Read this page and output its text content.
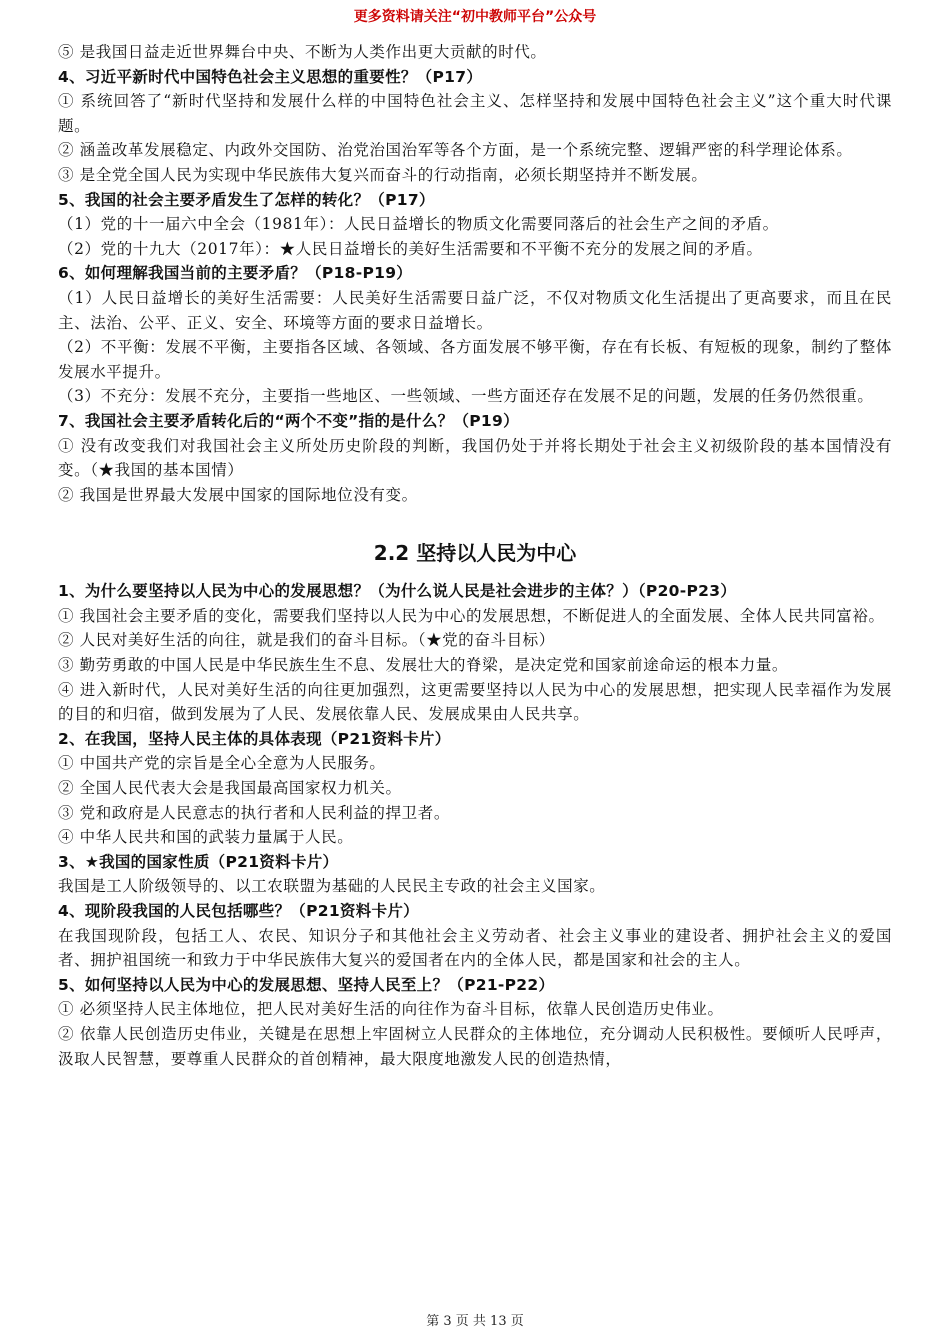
更多资料请关注“初中教师平台”公众号
⑤ 是我国日益走近世界舞台中央、不断为人类作出更大贡献的时代。
4、习近平新时代中国特色社会主义思想的重要性？（P17）
① 系统回答了“新时代坚持和发展什么样的中国特色社会主义、怎样坚持和发展中国特色社会主义”这个重大时代课题。
② 涵盖改革发展稳定、内政外交国防、治党治国治军等各个方面，是一个系统完整、逻辑严密的科学理论体系。
③ 是全党全国人民为实现中华民族伟大复兴而奋斗的行动指南，必须长期坚持并不断发展。
5、我国的社会主要矛盾发生了怎样的转化？（P17）
（1）党的十一届六中全会（1981年）：人民日益增长的物质文化需要同落后的社会生产之间的矛盾。
（2）党的十九大（2017年）：★人民日益增长的美好生活需要和不平衡不充分的发展之间的矛盾。
6、如何理解我国当前的主要矛盾？（P18-P19）
（1）人民日益增长的美好生活需要：人民美好生活需要日益广泛，不仅对物质文化生活提出了更高要求，而且在民主、法治、公平、正义、安全、环境等方面的要求日益增长。
（2）不平衡：发展不平衡，主要指各区域、各领域、各方面发展不够平衡，存在有长板、有短板的现象，制约了整体发展水平提升。
（3）不充分：发展不充分，主要指一些地区、一些领域、一些方面还存在发展不足的问题，发展的任务仍然很重。
7、我国社会主要矛盾转化后的“两个不变”指的是什么？（P19）
① 没有改变我们对我国社会主义所处历史阶段的判断，我国仍处于并将长期处于社会主义初级阶段的基本国情没有变。（★我国的基本国情）
② 我国是世界最大发展中国家的国际地位没有变。
2.2 坚持以人民为中心
1、为什么要坚持以人民为中心的发展思想？（为什么说人民是社会进步的主体？）（P20-P23）
① 我国社会主要矛盾的变化，需要我们坚持以人民为中心的发展思想，不断促进人的全面发展、全体人民共同富裕。
② 人民对美好生活的向往，就是我们的奋斗目标。（★党的奋斗目标）
③ 勤劳勇敢的中国人民是中华民族生生不息、发展壮大的脊梁，是决定党和国家前途命运的根本力量。
④ 进入新时代，人民对美好生活的向往更加强烈，这更需要坚持以人民为中心的发展思想，把实现人民幸福作为发展的目的和归宿，做到发展为了人民、发展依靠人民、发展成果由人民共享。
2、在我国，坚持人民主体的具体表现（P21资料卡片）
① 中国共产党的宗旨是全心全意为人民服务。
② 全国人民代表大会是我国最高国家权力机关。
③ 党和政府是人民意志的执行者和人民利益的捍卫者。
④ 中华人民共和国的武装力量属于人民。
3、★我国的国家性质（P21资料卡片）
我国是工人阶级领导的、以工农联盟为基础的人民民主专政的社会主义国家。
4、现阶段我国的人民包括哪些？（P21资料卡片）
在我国现阶段，包括工人、农民、知识分子和其他社会主义劳动者、社会主义事业的建设者、拥护社会主义的爱国者、拥护祖国统一和致力于中华民族伟大复兴的爱国者在内的全体人民，都是国家和社会的主人。
5、如何坚持以人民为中心的发展思想、坚持人民至上？（P21-P22）
① 必须坚持人民主体地位，把人民对美好生活的向往作为奋斗目标，依靠人民创造历史伟业。
② 依靠人民创造历史伟业，关键是在思想上牢固树立人民群众的主体地位，充分调动人民积极性。要倾听人民呼声，汲取人民智慧，要尊重人民群众的首创精神，最大限度地激发人民的创造热情，
第 3 页 共 13 页
